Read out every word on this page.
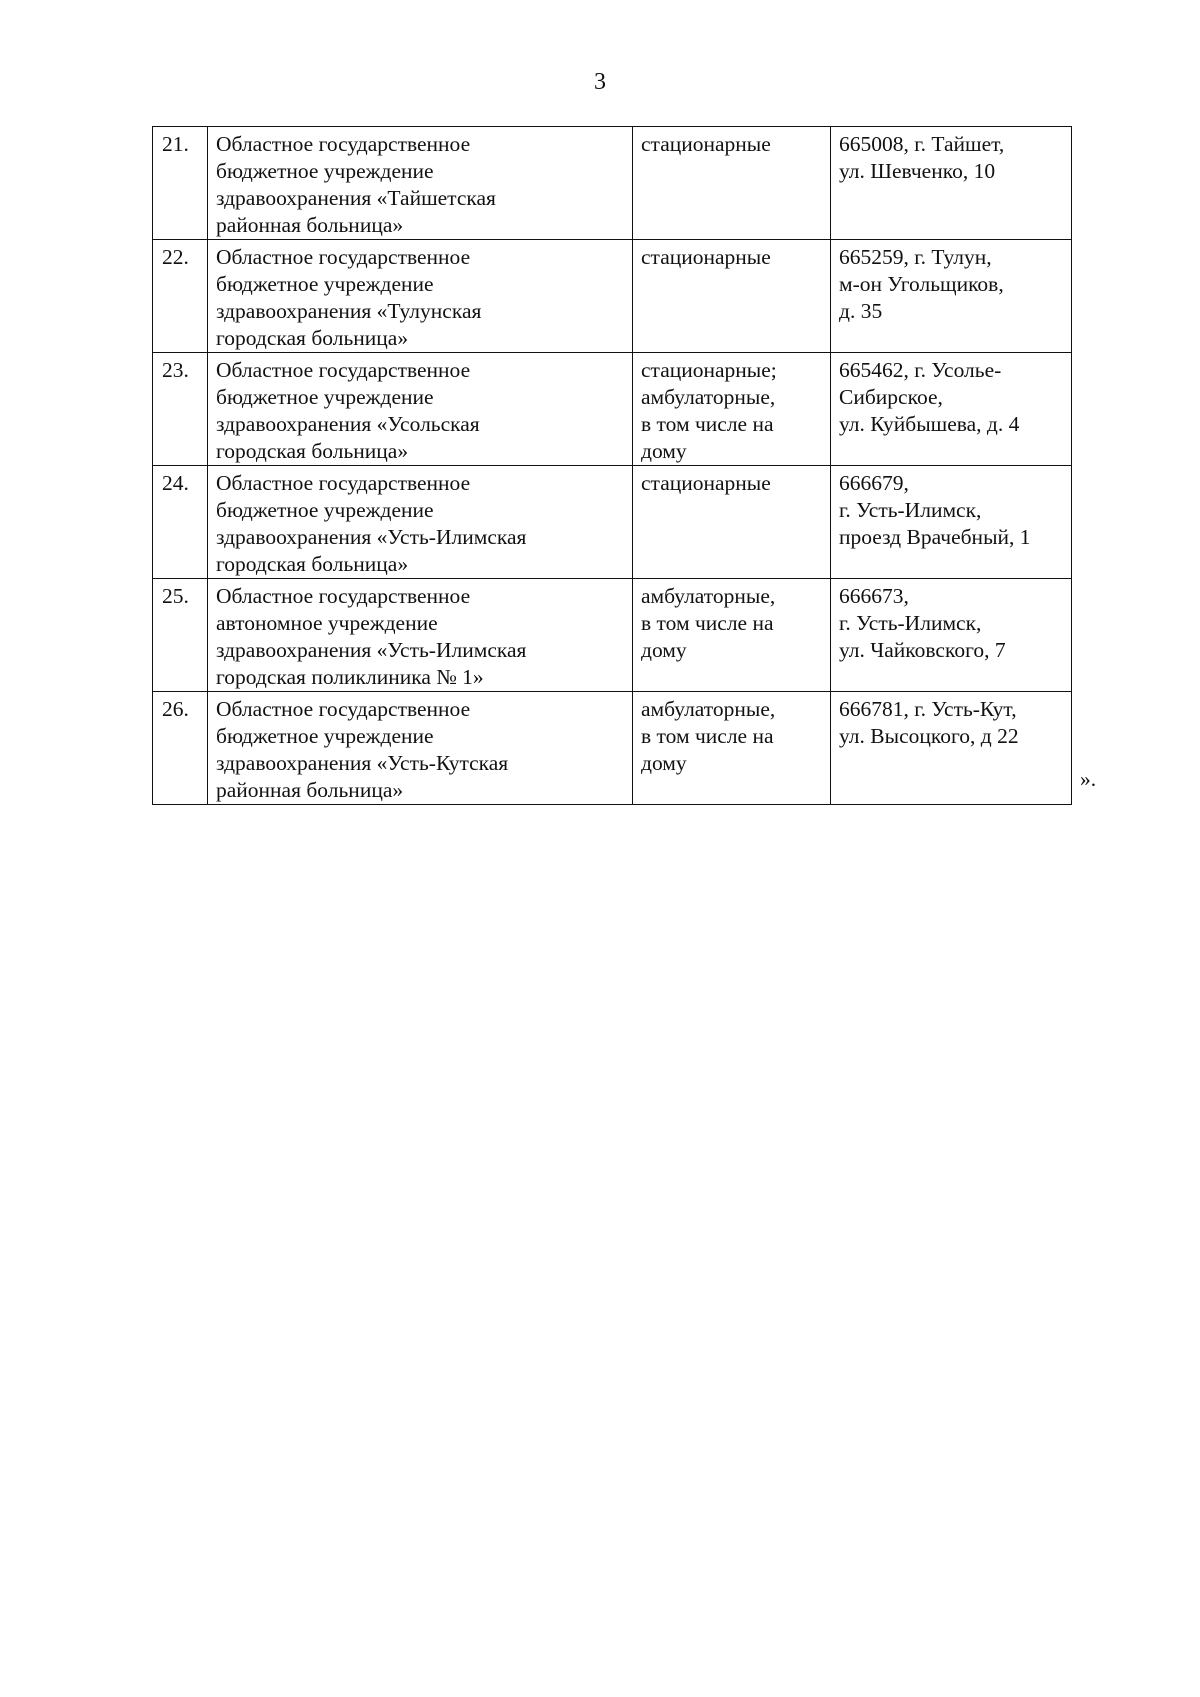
3
21.	Областное государственное
бюджетное учреждение
здравоохранения «Тайшетская
районная больница»	стационарные	665008, г. Тайшет,
ул. Шевченко, 10

22.	Областное государственное
бюджетное учреждение
здравоохранения «Тулунская
городская больница»	стационарные	665259, г. Тулун,
м-он Угольщиков,
д. 35

23.	Областное государственное
бюджетное учреждение
здравоохранения «Усольская
городская больница»	стационарные;
амбулаторные,
в том числе на
дому	665462, г. Усолье-
Сибирское,
ул. Куйбышева, д. 4

24.	Областное государственное
бюджетное учреждение
здравоохранения «Усть-Илимская
городская больница»	стационарные	666679,
г. Усть-Илимск,
проезд Врачебный, 1

25.	Областное государственное
автономное учреждение
здравоохранения «Усть-Илимская
городская поликлиника № 1»	амбулаторные,
в том числе на
дому	666673,
г. Усть-Илимск,
ул. Чайковского, 7

26.	Областное государственное
бюджетное учреждение
здравоохранения «Усть-Кутская
районная больница»	амбулаторные,
в том числе на
дому	666781, г. Усть-Кут,
ул. Высоцкого, д 22
».
